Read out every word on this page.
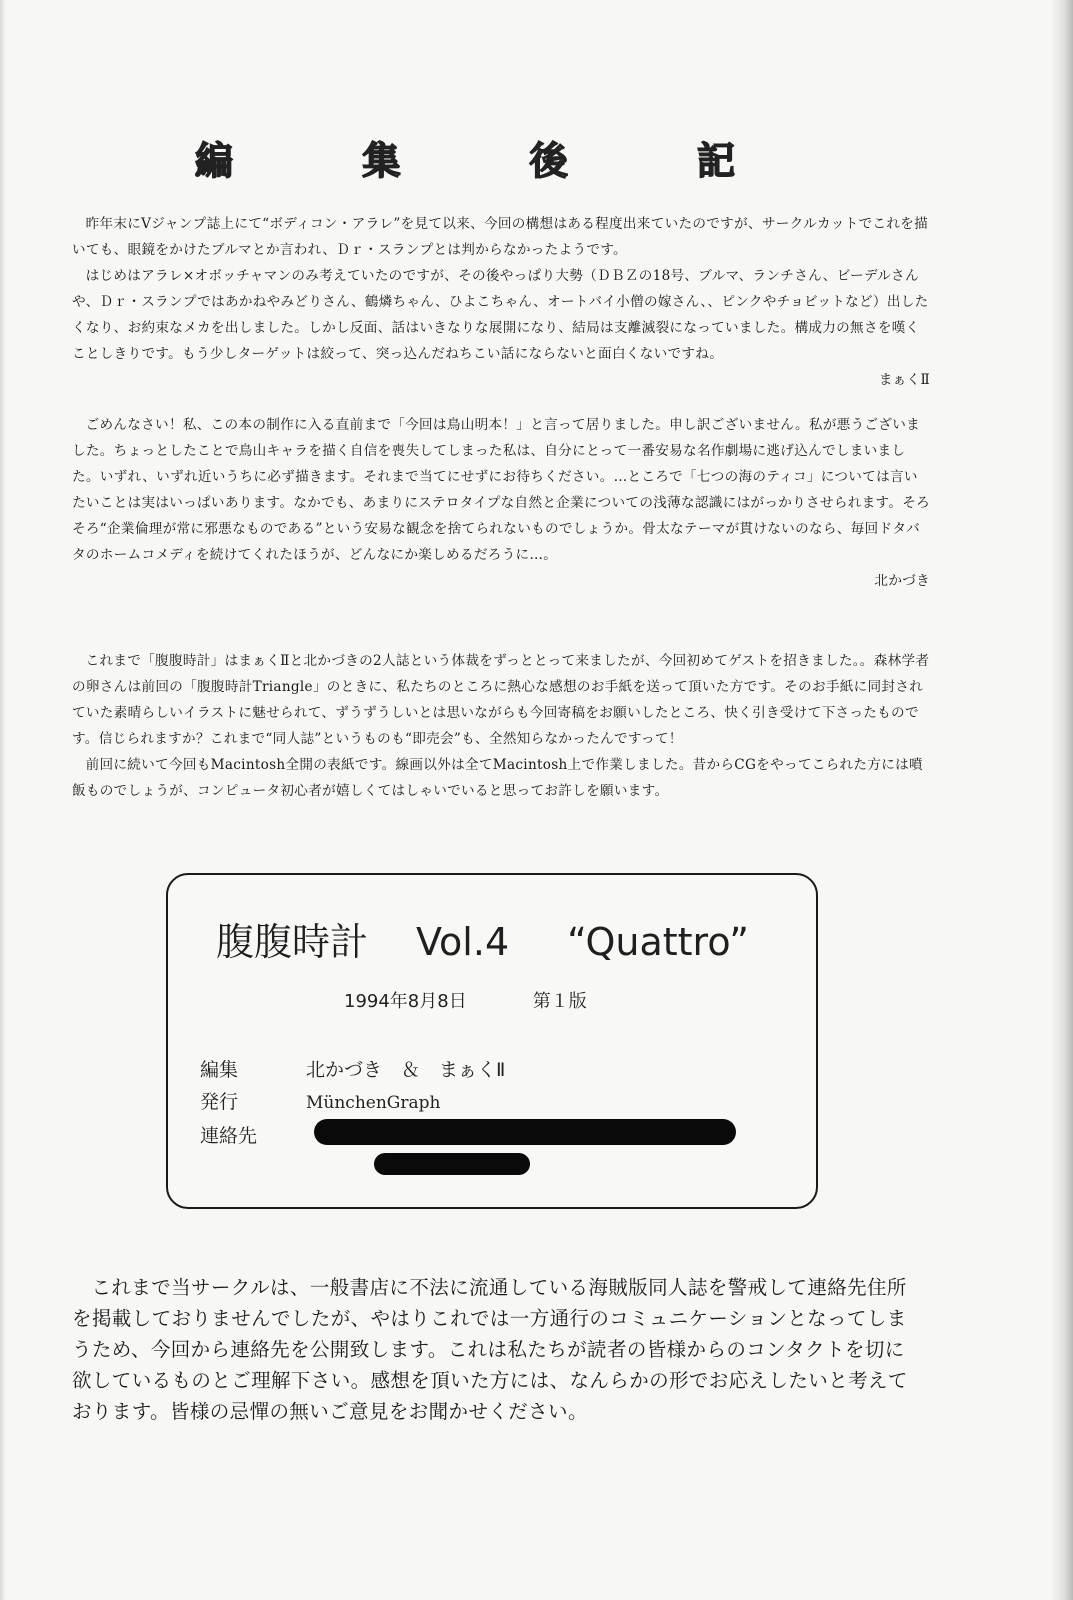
編	集	後	記

昨年末にVジャンプ誌上にて“ボディコン・アラレ”を見て以来、今回の構想はある程度出来ていたのですが、サークルカットでこれを描いても、眼鏡をかけたブルマとか言われ、Ｄｒ・スランプとは判からなかったようです。

はじめはアラレ×オボッチャマンのみ考えていたのですが、その後やっぱり大勢（ＤＢＺの18号、ブルマ、ランチさん、ビーデルさんや、Ｄｒ・スランプではあかねやみどりさん、鶴燐ちゃん、ひよこちゃん、オートバイ小僧の嫁さん、、ピンクやチョビットなど）出したくなり、お約束なメカを出しました。しかし反面、話はいきなりな展開になり、結局は支離滅裂になっていました。構成力の無さを嘆くことしきりです。もう少しターゲットは絞って、突っ込んだねちこい話にならないと面白くないですね。

まぁくⅡ

ごめんなさい！私、この本の制作に入る直前まで「今回は鳥山明本！」と言って居りました。申し訳ございません。私が悪うございました。ちょっとしたことで鳥山キャラを描く自信を喪失してしまった私は、自分にとって一番安易な名作劇場に逃げ込んでしまいました。いずれ、いずれ近いうちに必ず描きます。それまで当てにせずにお待ちください。…ところで「七つの海のティコ」については言いたいことは実はいっぱいあります。なかでも、あまりにステロタイプな自然と企業についての浅薄な認識にはがっかりさせられます。そろそろ“企業倫理が常に邪悪なものである”という安易な観念を捨てられないものでしょうか。骨太なテーマが貫けないのなら、毎回ドタバタのホームコメディを続けてくれたほうが、どんなにか楽しめるだろうに…。

北かづき

これまで「腹腹時計」はまぁくⅡと北かづきの2人誌という体裁をずっととって来ましたが、今回初めてゲストを招きました。。森林学者の卵さんは前回の「腹腹時計Triangle」のときに、私たちのところに熱心な感想のお手紙を送って頂いた方です。そのお手紙に同封されていた素晴らしいイラストに魅せられて、ずうずうしいとは思いながらも今回寄稿をお願いしたところ、快く引き受けて下さったものです。信じられますか？これまで“同人誌”というものも“即売会”も、全然知らなかったんですって！

前回に続いて今回もMacintosh全開の表紙です。線画以外は全てMacintosh上で作業しました。昔からCGをやってこられた方には噴飯ものでしょうが、コンピュータ初心者が嬉しくてはしゃいでいると思ってお許しを願います。

腹腹時計 Vol.4 “Quattro”
1994年8月8日	第１版
編集	北かづき　＆　まぁくⅡ
発行	MünchenGraph
連絡先

これまで当サークルは、一般書店に不法に流通している海賊版同人誌を警戒して連絡先住所を掲載しておりませんでしたが、やはりこれでは一方通行のコミュニケーションとなってしまうため、今回から連絡先を公開致します。これは私たちが読者の皆様からのコンタクトを切に欲しているものとご理解下さい。感想を頂いた方には、なんらかの形でお応えしたいと考えております。皆様の忌憚の無いご意見をお聞かせください。
